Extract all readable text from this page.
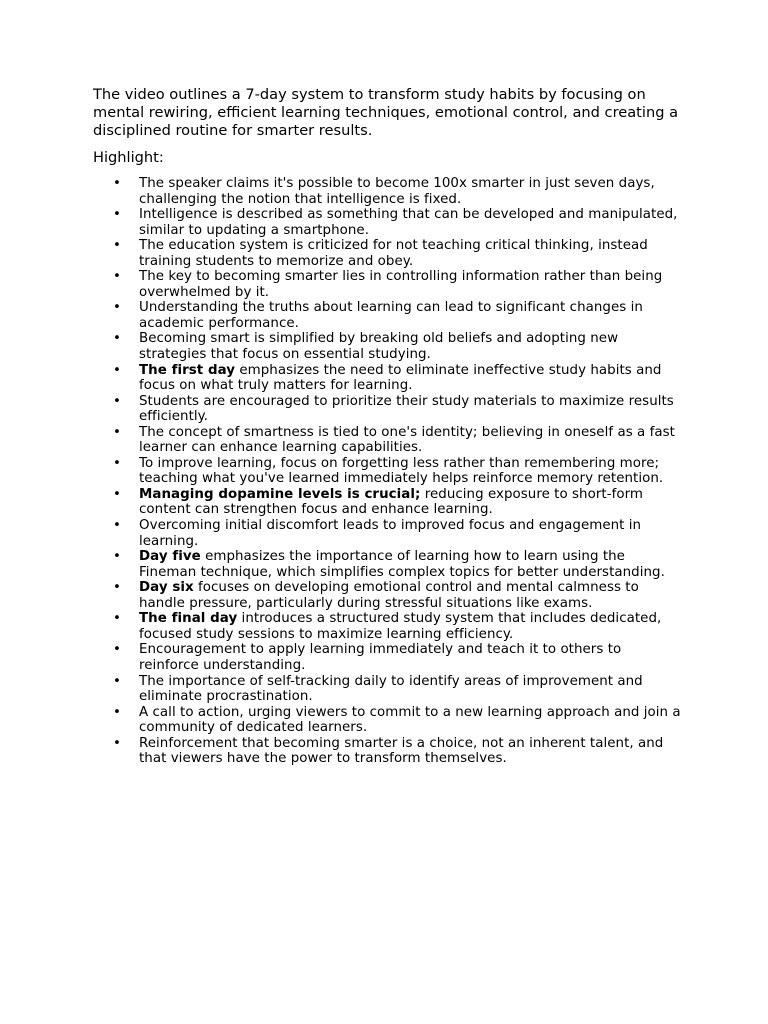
The video outlines a 7-day system to transform study habits by focusing on mental rewiring, efficient learning techniques, emotional control, and creating a disciplined routine for smarter results.

Highlight:

• The speaker claims it's possible to become 100x smarter in just seven days, challenging the notion that intelligence is fixed.
• Intelligence is described as something that can be developed and manipulated, similar to updating a smartphone.
• The education system is criticized for not teaching critical thinking, instead training students to memorize and obey.
• The key to becoming smarter lies in controlling information rather than being overwhelmed by it.
• Understanding the truths about learning can lead to significant changes in academic performance.
• Becoming smart is simplified by breaking old beliefs and adopting new strategies that focus on essential studying.
• The first day emphasizes the need to eliminate ineffective study habits and focus on what truly matters for learning.
• Students are encouraged to prioritize their study materials to maximize results efficiently.
• The concept of smartness is tied to one's identity; believing in oneself as a fast learner can enhance learning capabilities.
• To improve learning, focus on forgetting less rather than remembering more; teaching what you've learned immediately helps reinforce memory retention.
• Managing dopamine levels is crucial; reducing exposure to short-form content can strengthen focus and enhance learning.
• Overcoming initial discomfort leads to improved focus and engagement in learning.
• Day five emphasizes the importance of learning how to learn using the Fineman technique, which simplifies complex topics for better understanding.
• Day six focuses on developing emotional control and mental calmness to handle pressure, particularly during stressful situations like exams.
• The final day introduces a structured study system that includes dedicated, focused study sessions to maximize learning efficiency.
• Encouragement to apply learning immediately and teach it to others to reinforce understanding.
• The importance of self-tracking daily to identify areas of improvement and eliminate procrastination.
• A call to action, urging viewers to commit to a new learning approach and join a community of dedicated learners.
• Reinforcement that becoming smarter is a choice, not an inherent talent, and that viewers have the power to transform themselves.
